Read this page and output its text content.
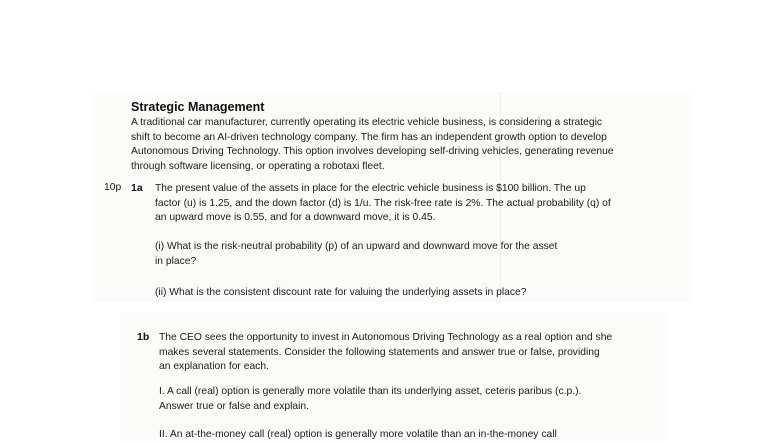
Strategic Management
A traditional car manufacturer, currently operating its electric vehicle business, is considering a strategic
shift to become an AI-driven technology company. The firm has an independent growth option to develop
Autonomous Driving Technology. This option involves developing self-driving vehicles, generating revenue
through software licensing, or operating a robotaxi fleet.
10p 1a The present value of the assets in place for the electric vehicle business is $100 billion. The up
factor (u) is 1.25, and the down factor (d) is 1/u. The risk-free rate is 2%. The actual probability (q) of
an upward move is 0.55, and for a downward move, it is 0.45.
(i) What is the risk-neutral probability (p) of an upward and downward move for the asset
in place?
(ii) What is the consistent discount rate for valuing the underlying assets in place?
1b The CEO sees the opportunity to invest in Autonomous Driving Technology as a real option and she
makes several statements. Consider the following statements and answer true or false, providing
an explanation for each.
I. A call (real) option is generally more volatile than its underlying asset, ceteris paribus (c.p.).
Answer true or false and explain.
II. An at-the-money call (real) option is generally more volatile than an in-the-money call
